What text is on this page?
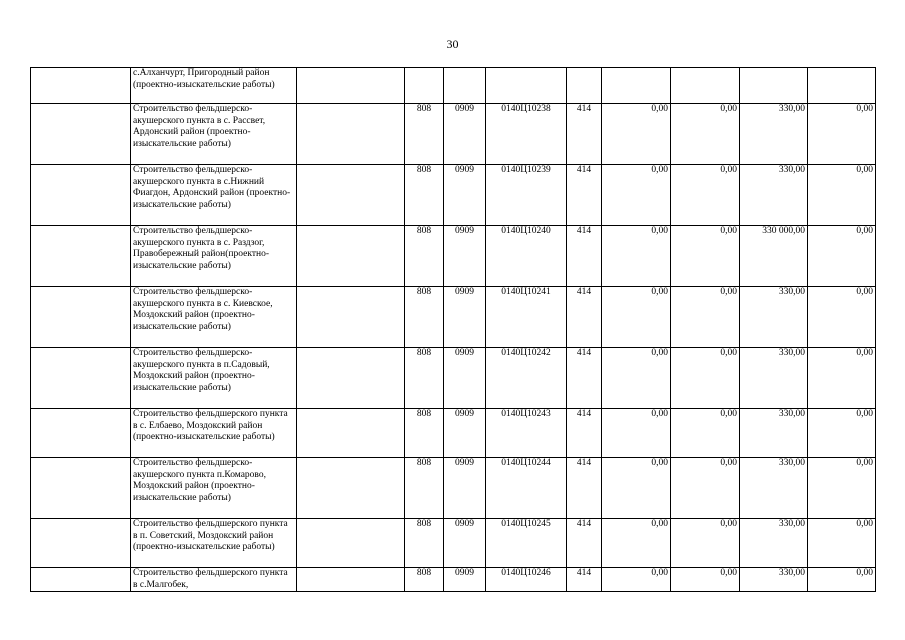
30
	с.Алханчурт, Пригородный район (проектно-изыскательские работы)									
	Строительство фельдшерско-акушерского пункта в с. Рассвет, Ардонский район (проектно-изыскательские работы)		808	0909	0140Ц10238	414	0,00	0,00	330,00	0,00
	Строительство фельдшерско-акушерского пункта в с.Нижний Фиагдон, Ардонский район (проектно-изыскательские работы)		808	0909	0140Ц10239	414	0,00	0,00	330,00	0,00
	Строительство фельдшерско-акушерского пункта в с. Раздзог, Правобережный район(проектно-изыскательские работы)		808	0909	0140Ц10240	414	0,00	0,00	330 000,00	0,00
	Строительство фельдшерско-акушерского пункта в с. Киевское, Моздокский район (проектно-изыскательские работы)		808	0909	0140Ц10241	414	0,00	0,00	330,00	0,00
	Строительство фельдшерско-акушерского пункта в п.Садовый, Моздокский район (проектно-изыскательские работы)		808	0909	0140Ц10242	414	0,00	0,00	330,00	0,00
	Строительство фельдшерского пункта в с. Елбаево, Моздокский район (проектно-изыскательские работы)		808	0909	0140Ц10243	414	0,00	0,00	330,00	0,00
	Строительство фельдшерско-акушерского пункта п.Комарово, Моздокский район (проектно-изыскательские работы)		808	0909	0140Ц10244	414	0,00	0,00	330,00	0,00
	Строительство фельдшерского пункта в п. Советский, Моздокский район (проектно-изыскательские работы)		808	0909	0140Ц10245	414	0,00	0,00	330,00	0,00
	Строительство фельдшерского пункта в с.Малгобек,		808	0909	0140Ц10246	414	0,00	0,00	330,00	0,00
